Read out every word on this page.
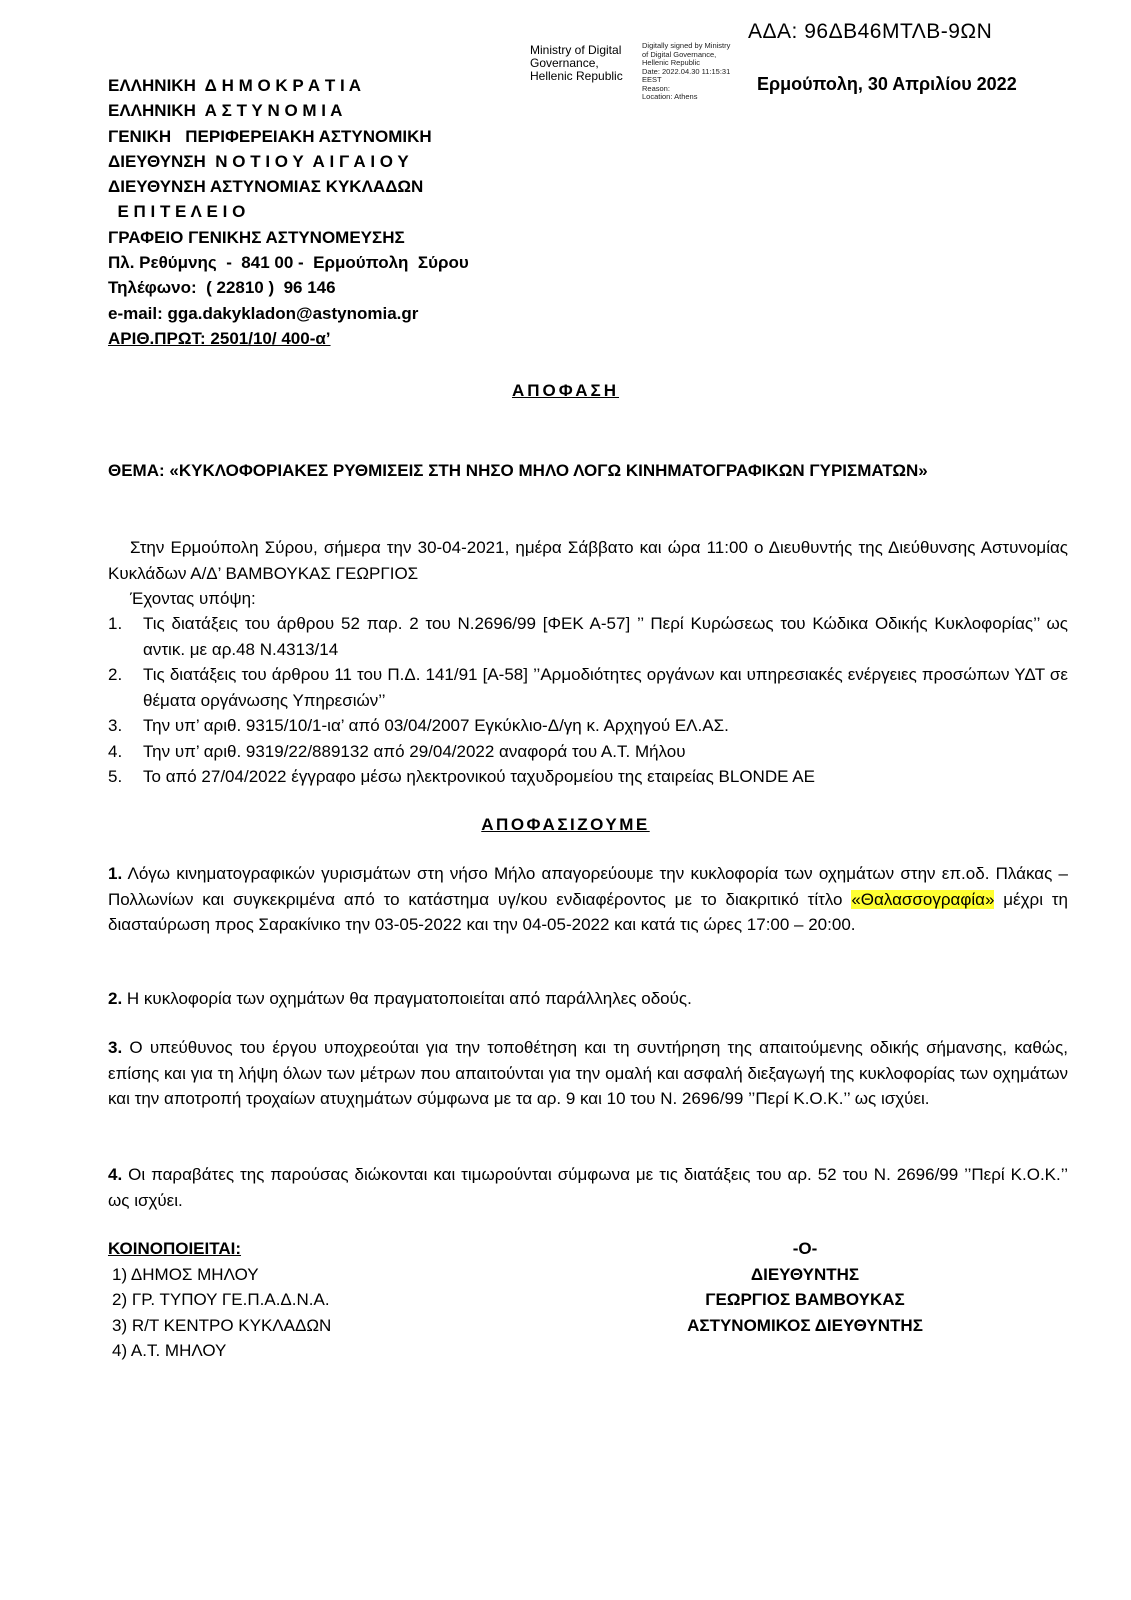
ΑΔΑ: 96ΔΒ46ΜΤΛΒ-9ΩΝ
Ministry of Digital
Governance,
Hellenic Republic
Digitally signed by Ministry
of Digital Governance,
Hellenic Republic
Date: 2022.04.30 11:15:31
EEST
Reason:
Location: Athens
Ερμούπολη, 30 Απριλίου 2022
ΕΛΛΗΝΙΚΗ  Δ Η Μ Ο Κ Ρ Α Τ Ι Α
ΕΛΛΗΝΙΚΗ  Α Σ Τ Υ Ν Ο Μ Ι Α
ΓΕΝΙΚΗ   ΠΕΡΙΦΕΡΕΙΑΚΗ ΑΣΤΥΝΟΜΙΚΗ
ΔΙΕΥΘΥΝΣΗ  Ν Ο Τ Ι Ο Υ  Α Ι Γ Α Ι Ο Υ
ΔΙΕΥΘΥΝΣΗ ΑΣΤΥΝΟΜΙΑΣ ΚΥΚΛΑΔΩΝ
Ε Π Ι Τ Ε Λ Ε Ι Ο
ΓΡΑΦΕΙΟ ΓΕΝΙΚΗΣ ΑΣΤΥΝΟΜΕΥΣΗΣ
Πλ. Ρεθύμνης  -  841 00 -  Ερμούπολη  Σύρου
Τηλέφωνο:  ( 22810 )  96 146
e-mail: gga.dakykladon@astynomia.gr
ΑΡΙΘ.ΠΡΩΤ: 2501/10/ 400-α’
ΑΠΟΦΑΣΗ
ΘΕΜΑ: «ΚΥΚΛΟΦΟΡΙΑΚΕΣ ΡΥΘΜΙΣΕΙΣ ΣΤΗ ΝΗΣΟ ΜΗΛΟ ΛΟΓΩ ΚΙΝΗΜΑΤΟΓΡΑΦΙΚΩΝ ΓΥΡΙΣΜΑΤΩΝ»
Στην Ερμούπολη Σύρου, σήμερα την 30-04-2021, ημέρα Σάββατο και ώρα 11:00 ο Διευθυντής της Διεύθυνσης Αστυνομίας Κυκλάδων Α/Δ’ ΒΑΜΒΟΥΚΑΣ ΓΕΩΡΓΙΟΣ
Έχοντας υπόψη:
1.	Τις διατάξεις του άρθρου 52 παρ. 2 του Ν.2696/99 [ΦΕΚ Α-57] ’’ Περί Κυρώσεως του Κώδικα Οδικής Κυκλοφορίας’’ ως αντικ. με αρ.48 Ν.4313/14
2.	Τις διατάξεις του άρθρου 11 του Π.Δ. 141/91 [Α-58] ’’Αρμοδιότητες οργάνων και υπηρεσιακές ενέργειες προσώπων ΥΔΤ σε θέματα οργάνωσης Υπηρεσιών’’
3.	Την υπ’ αριθ. 9315/10/1-ια’ από 03/04/2007 Εγκύκλιο-Δ/γη κ. Αρχηγού ΕΛ.ΑΣ.
4.	Την υπ’ αριθ. 9319/22/889132 από 29/04/2022 αναφορά του Α.Τ. Μήλου
5.	Το από 27/04/2022 έγγραφο μέσω ηλεκτρονικού ταχυδρομείου της εταιρείας BLONDE AE
ΑΠΟΦΑΣΙΖΟΥΜΕ
1. Λόγω κινηματογραφικών γυρισμάτων στη νήσο Μήλο απαγορεύουμε την κυκλοφορία των οχημάτων στην επ.οδ. Πλάκας – Πολλωνίων και συγκεκριμένα από το κατάστημα υγ/κου ενδιαφέροντος με το διακριτικό τίτλο «Θαλασσογραφία» μέχρι τη διασταύρωση προς Σαρακίνικο την 03-05-2022 και την 04-05-2022 και κατά τις ώρες 17:00 – 20:00.
2. Η κυκλοφορία των οχημάτων θα πραγματοποιείται από παράλληλες οδούς.
3. Ο υπεύθυνος του έργου υποχρεούται για την τοποθέτηση και τη συντήρηση της απαιτούμενης οδικής σήμανσης, καθώς, επίσης και για τη λήψη όλων των μέτρων που απαιτούνται για την ομαλή και ασφαλή διεξαγωγή της κυκλοφορίας των οχημάτων και την αποτροπή τροχαίων ατυχημάτων σύμφωνα με τα αρ. 9 και 10 του Ν. 2696/99 ’’Περί Κ.Ο.Κ.’’ ως ισχύει.
4. Οι παραβάτες της παρούσας διώκονται και τιμωρούνται σύμφωνα με τις διατάξεις του αρ. 52 του Ν. 2696/99 ’’Περί Κ.Ο.Κ.’’ ως ισχύει.
ΚΟΙΝΟΠΟΙΕΙΤΑΙ:
1) ΔΗΜΟΣ ΜΗΛΟΥ
2) ΓΡ. ΤΥΠΟΥ ΓΕ.Π.Α.Δ.Ν.Α.
3) R/T ΚΕΝΤΡΟ ΚΥΚΛΑΔΩΝ
4) Α.Τ. ΜΗΛΟΥ
-Ο-
ΔΙΕΥΘΥΝΤΗΣ
ΓΕΩΡΓΙΟΣ ΒΑΜΒΟΥΚΑΣ
ΑΣΤΥΝΟΜΙΚΟΣ ΔΙΕΥΘΥΝΤΗΣ
